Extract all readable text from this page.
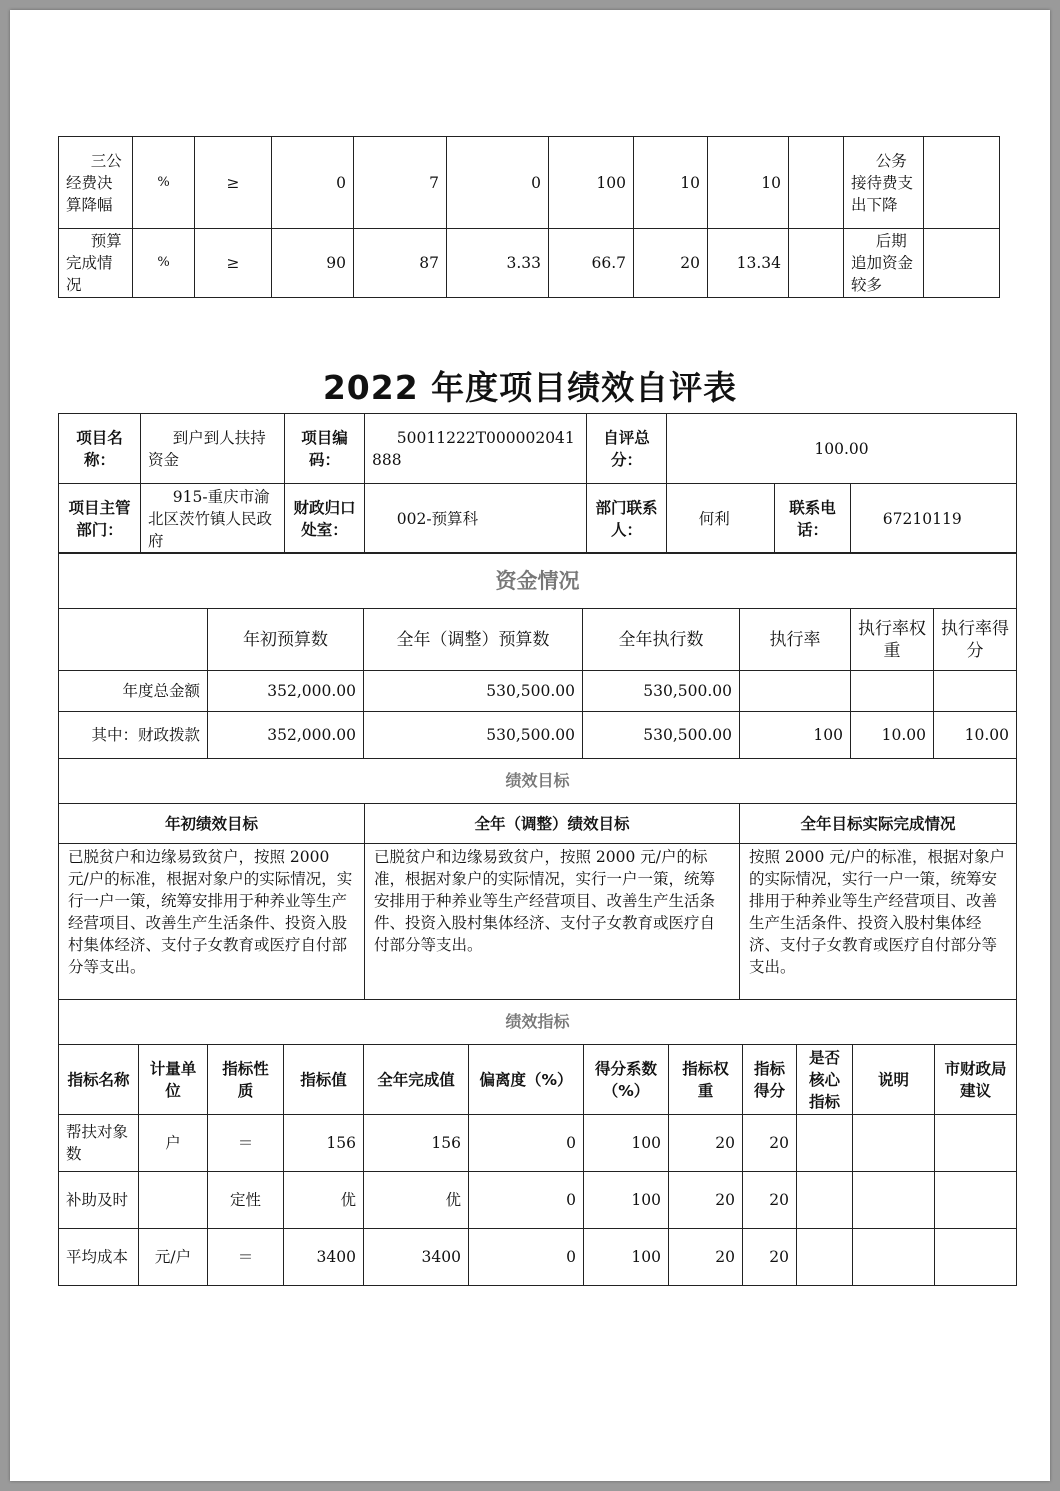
三公经费决算降幅	%	≥	0	7	0	100	10	10		公务接待费支出下降	
预算完成情况	%	≥	90	87	3.33	66.7	20	13.34		后期追加资金较多	
2022 年度项目绩效自评表
项目名称：	到户到人扶持资金	项目编码：	50011222T000002041888	自评总分：	100.00		
项目主管部门：	915-重庆市渝北区茨竹镇人民政府	财政归口处室：	002-预算科	部门联系人：	何利	联系电话：	67210119
资金情况						
	年初预算数	全年（调整）预算数	全年执行数	执行率	执行率权重	执行率得分
年度总金额	352,000.00	530,500.00	530,500.00			
其中：财政拨款	352,000.00	530,500.00	530,500.00	100	10.00	10.00
绩效目标		
年初绩效目标	全年（调整）绩效目标	全年目标实际完成情况
已脱贫户和边缘易致贫户，按照 2000 元/户的标准，根据对象户的实际情况，实行一户一策，统筹安排用于种养业等生产经营项目、改善生产生活条件、投资入股村集体经济、支付子女教育或医疗自付部分等支出。	已脱贫户和边缘易致贫户，按照 2000 元/户的标准，根据对象户的实际情况，实行一户一策，统筹安排用于种养业等生产经营项目、改善生产生活条件、投资入股村集体经济、支付子女教育或医疗自付部分等支出。	按照 2000 元/户的标准，根据对象户的实际情况，实行一户一策，统筹安排用于种养业等生产经营项目、改善生产生活条件、投资入股村集体经济、支付子女教育或医疗自付部分等支出。
绩效指标											
指标名称	计量单位	指标性质	指标值	全年完成值	偏离度（%）	得分系数（%）	指标权重	指标得分	是否核心指标	说明	市财政局建议
帮扶对象数	户	＝	156	156	0	100	20	20			
补助及时		定性	优	优	0	100	20	20			
平均成本	元/户	＝	3400	3400	0	100	20	20			
